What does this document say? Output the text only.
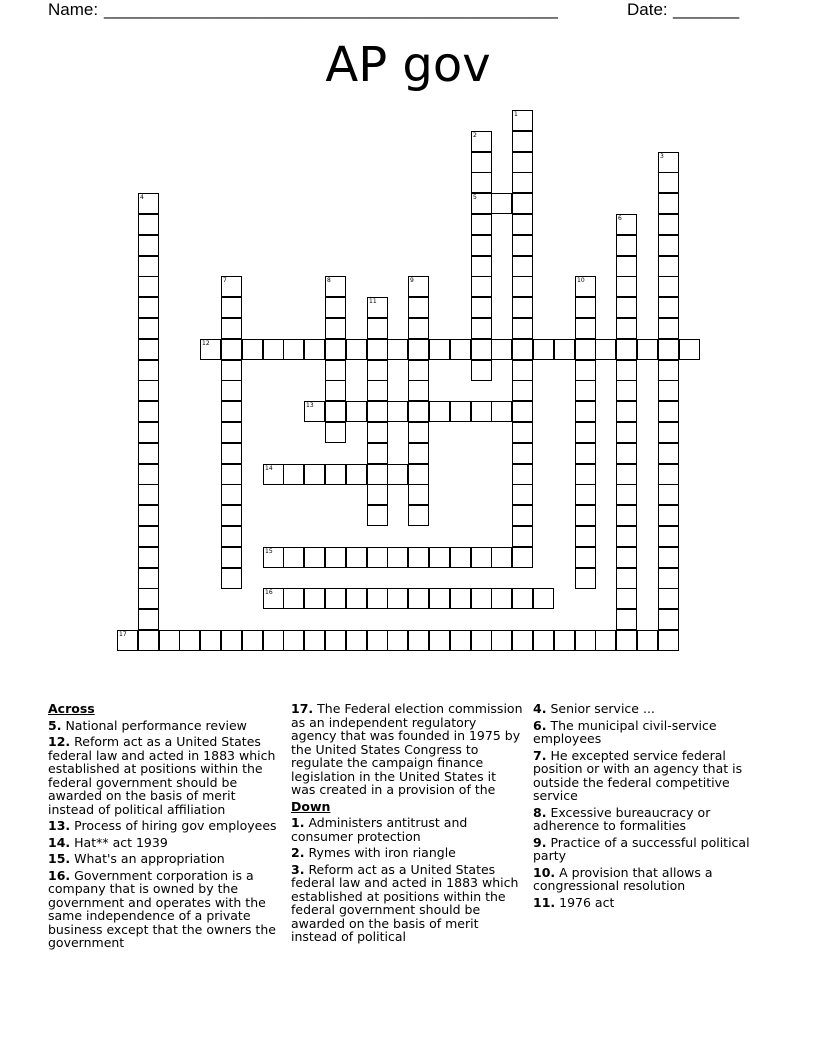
Name: ________________________________________________	Date: _______
AP gov
1
2
5
3
4
6
7	8	9	10
11
12
13
14
15
16
17
Across
5. National performance review
12. Reform act as a United States federal law and acted in 1883 which established at positions within the federal government should be awarded on the basis of merit instead of political affiliation
13. Process of hiring gov employees
14. Hat** act 1939
15. What's an appropriation
16. Government corporation is a company that is owned by the government and operates with the same independence of a private business except that the owners the government
17. The Federal election commission as an independent regulatory agency that was founded in 1975 by the United States Congress to regulate the campaign finance legislation in the United States it was created in a provision of the
Down
1. Administers antitrust and consumer protection
2. Rymes with iron riangle
3. Reform act as a United States federal law and acted in 1883 which established at positions within the federal government should be awarded on the basis of merit instead of political
4. Senior service ...
6. The municipal civil-service employees
7. He excepted service federal position or with an agency that is outside the federal competitive service
8. Excessive bureaucracy or adherence to formalities
9. Practice of a successful political party
10. A provision that allows a congressional resolution
11. 1976 act
